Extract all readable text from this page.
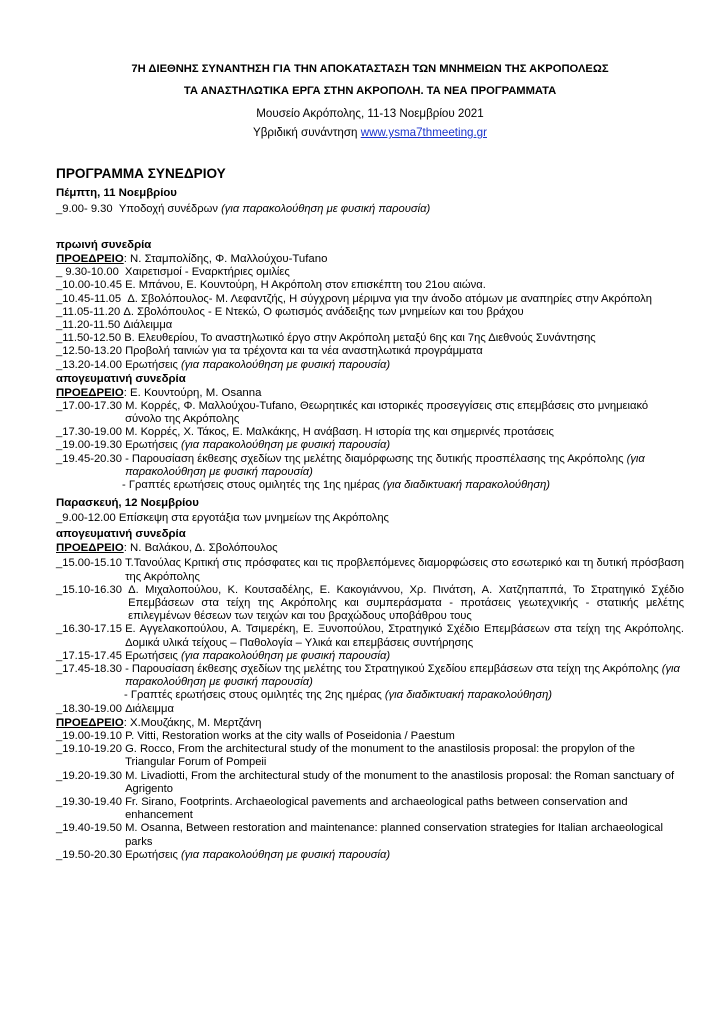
7Η ΔΙΕΘΝΗΣ ΣΥΝΑΝΤΗΣΗ ΓΙΑ ΤΗΝ ΑΠΟΚΑΤΑΣΤΑΣΗ ΤΩΝ ΜΝΗΜΕΙΩΝ ΤΗΣ ΑΚΡΟΠΟΛΕΩΣ
ΤΑ ΑΝΑΣΤΗΛΩΤΙΚΑ ΕΡΓΑ ΣΤΗΝ ΑΚΡΟΠΟΛΗ. ΤΑ ΝΕΑ ΠΡΟΓΡΑΜΜΑΤΑ
Μουσείο Ακρόπολης, 11-13 Νοεμβρίου 2021
Υβριδική συνάντηση www.ysma7thmeeting.gr
ΠΡΟΓΡΑΜΜΑ ΣΥΝΕΔΡΙΟΥ
Πέμπτη, 11 Νοεμβρίου
_9.00- 9.30 Υποδοχή συνέδρων (για παρακολούθηση με φυσική παρουσία)
πρωινή συνεδρία
ΠΡΟΕΔΡΕΙΟ: Ν. Σταμπολίδης, Φ. Μαλλούχου-Tufano
_ 9.30-10.00 Χαιρετισμοί - Εναρκτήριες ομιλίες
_10.00-10.45 Ε. Μπάνου, Ε. Κουντούρη, Η Ακρόπολη στον επισκέπτη του 21ου αιώνα.
_10.45-11.05 Δ. Σβολόπουλος- Μ. Λεφαντζής, Η σύγχρονη μέριμνα για την άνοδο ατόμων με αναπηρίες στην Ακρόπολη
_11.05-11.20 Δ. Σβολόπουλος - Ε Ντεκώ, Ο φωτισμός ανάδειξης των μνημείων και του βράχου
_11.20-11.50 Διάλειμμα
_11.50-12.50 Β. Ελευθερίου, Το αναστηλωτικό έργο στην Ακρόπολη μεταξύ 6ης και 7ης Διεθνούς Συνάντησης
_12.50-13.20 Προβολή ταινιών για τα τρέχοντα και τα νέα αναστηλωτικά προγράμματα
_13.20-14.00 Ερωτήσεις (για παρακολούθηση με φυσική παρουσία)
απογευματινή συνεδρία
ΠΡΟΕΔΡΕΙΟ: Ε. Κουντούρη, M. Osanna
_17.00-17.30 Μ. Κορρές, Φ. Μαλλούχου-Tufano, Θεωρητικές και ιστορικές προσεγγίσεις στις επεμβάσεις στο μνημειακό σύνολο της Ακρόπολης
_17.30-19.00 Μ. Κορρές, Χ. Τάκος, Ε. Μαλκάκης, Η ανάβαση. Η ιστορία της και σημερινές προτάσεις
_19.00-19.30 Ερωτήσεις (για παρακολούθηση με φυσική παρουσία)
_19.45-20.30 - Παρουσίαση έκθεσης σχεδίων της μελέτης διαμόρφωσης της δυτικής προσπέλασης της Ακρόπολης (για παρακολούθηση με φυσική παρουσία)
- Γραπτές ερωτήσεις στους ομιλητές της 1ης ημέρας (για διαδικτυακή παρακολούθηση)
Παρασκευή, 12 Νοεμβρίου
_9.00-12.00 Επίσκεψη στα εργοτάξια των μνημείων της Ακρόπολης
απογευματινή συνεδρία
ΠΡΟΕΔΡΕΙΟ: Ν. Βαλάκου, Δ. Σβολόπουλος
_15.00-15.10 Τ.Τανούλας Κριτική στις πρόσφατες και τις προβλεπόμενες διαμορφώσεις στο εσωτερικό και τη δυτική πρόσβαση της Ακρόπολης
_15.10-16.30 Δ. Μιχαλοπούλου, Κ. Κουτσαδέλης, Ε. Κακογιάννου, Χρ. Πινάτση, Α. Χατζηπαππά, Το Στρατηγικό Σχέδιο Επεμβάσεων στα τείχη της Ακρόπολης και συμπεράσματα - προτάσεις γεωτεχνικής - στατικής μελέτης επιλεγμένων θέσεων των τειχών και του βραχώδους υποβάθρου τους
_16.30-17.15 Ε. Αγγελακοπούλου, Α. Τσιμερέκη, Ε. Ξυνοπούλου, Στρατηγικό Σχέδιο Επεμβάσεων στα τείχη της Ακρόπολης. Δομικά υλικά τείχους – Παθολογία – Υλικά και επεμβάσεις συντήρησης
_17.15-17.45 Ερωτήσεις (για παρακολούθηση με φυσική παρουσία)
_17.45-18.30 - Παρουσίαση έκθεσης σχεδίων της μελέτης του Στρατηγικού Σχεδίου επεμβάσεων στα τείχη της Ακρόπολης (για παρακολούθηση με φυσική παρουσία)
- Γραπτές ερωτήσεις στους ομιλητές της 2ης ημέρας (για διαδικτυακή παρακολούθηση)
_18.30-19.00 Διάλειμμα
ΠΡΟΕΔΡΕΙΟ: Χ.Μουζάκης, Μ. Μερτζάνη
_19.00-19.10 P. Vitti, Restoration works at the city walls of Poseidonia / Paestum
_19.10-19.20 G. Rocco, From the architectural study of the monument to the anastilosis proposal: the propylon of the Triangular Forum of Pompeii
_19.20-19.30 M. Livadiotti, From the architectural study of the monument to the anastilosis proposal: the Roman sanctuary of Agrigento
_19.30-19.40 Fr. Sirano, Footprints. Archaeological pavements and archaeological paths between conservation and enhancement
_19.40-19.50 M. Osanna, Between restoration and maintenance: planned conservation strategies for Italian archaeological parks
_19.50-20.30 Ερωτήσεις (για παρακολούθηση με φυσική παρουσία)
